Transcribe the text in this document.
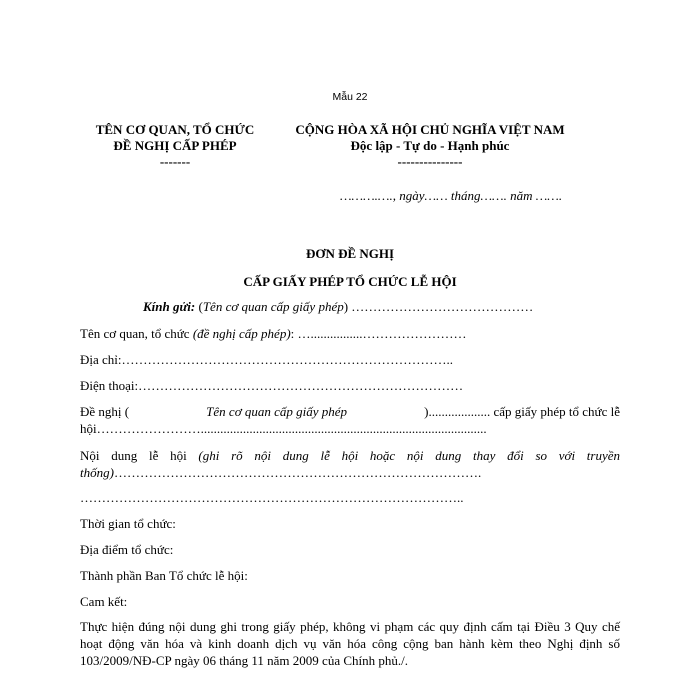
Mẫu 22
TÊN CƠ QUAN, TỔ CHỨC
ĐỀ NGHỊ CẤP PHÉP
-------
CỘNG HÒA XÃ HỘI CHỦ NGHĨA VIỆT NAM
Độc lập - Tự do - Hạnh phúc
---------------
……….…., ngày…… tháng……. năm …….
ĐƠN ĐỀ NGHỊ
CẤP GIẤY PHÉP TỔ CHỨC LỄ HỘI
Kính gửi: (Tên cơ quan cấp giấy phép) ……………………………………
Tên cơ quan, tổ chức (đề nghị cấp phép): …................……………………
Địa chỉ:…………………………………………………………………..
Điện thoại:…………………………………………………………………
Đề nghị (	Tên cơ quan cấp giấy phép	)................... cấp giấy phép tổ chức lễ
hội……………………........................................................................................
Nội dung lễ hội (ghi rõ nội dung lễ hội hoặc nội dung thay đổi so với truyền thống)………………………………………………………………………….
……………………………………………………………………………..
Thời gian tổ chức:
Địa điểm tổ chức:
Thành phần Ban Tổ chức lễ hội:
Cam kết:
Thực hiện đúng nội dung ghi trong giấy phép, không vi phạm các quy định cấm tại Điều 3 Quy chế hoạt động văn hóa và kinh doanh dịch vụ văn hóa công cộng ban hành kèm theo Nghị định số 103/2009/NĐ-CP ngày 06 tháng 11 năm 2009 của Chính phủ./.
